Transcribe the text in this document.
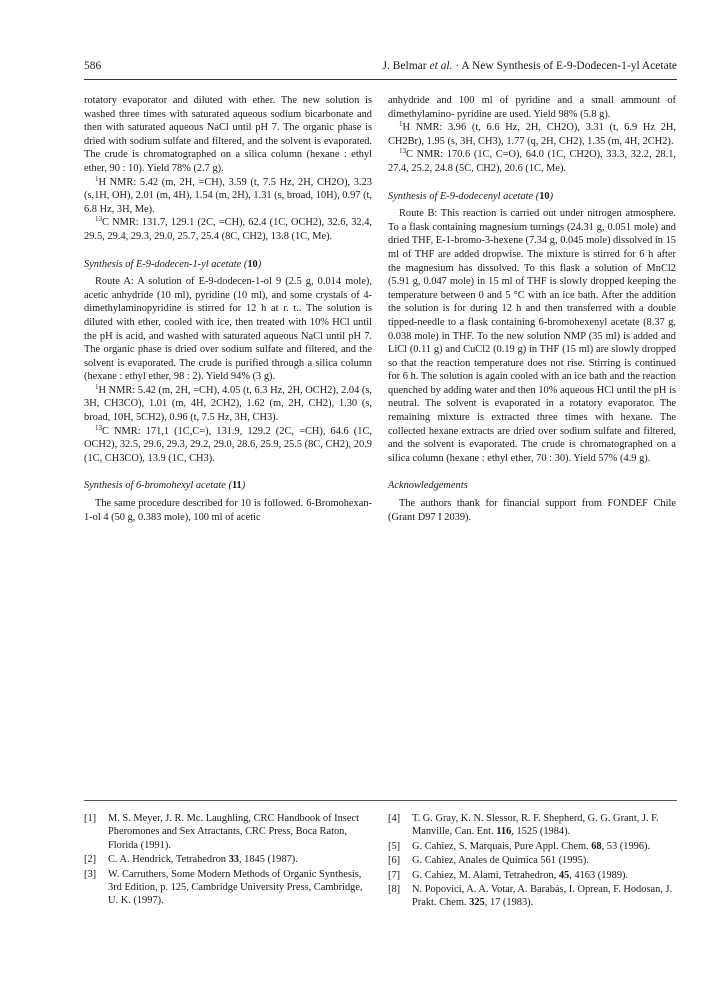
586	J. Belmar et al. · A New Synthesis of E-9-Dodecen-1-yl Acetate

rotatory evaporator and diluted with ether. The new solution is washed three times with saturated aqueous sodium bicarbonate and then with saturated aqueous NaCl until pH 7. The organic phase is dried with sodium sulfate and filtered, and the solvent is evaporated. The crude is chromatographed on a silica column (hexane : ethyl ether, 90 : 10). Yield 78% (2.7 g).

$^1$H NMR: 5.42 (m, 2H, =CH), 3.59 (t, 7.5 Hz, 2H, CH2O), 3.23 (s,1H, OH), 2.01 (m, 4H), 1.54 (m, 2H), 1.31 (s, broad, 10H), 0.97 (t, 6.8 Hz, 3H, Me).

$^{13}$C NMR: 131.7, 129.1 (2C, =CH), 62.4 (1C, OCH2), 32.6, 32.4, 29.5, 29.4, 29.3, 29.0, 25.7, 25.4 (8C, CH2), 13.8 (1C, Me).

Synthesis of E-9-dodecen-1-yl acetate (10)

Route A: A solution of E-9-dodecen-1-ol 9 (2.5 g, 0.014 mole), acetic anhydride (10 ml), pyridine (10 ml), and some crystals of 4-dimethylaminopyridine is stirred for 12 h at r. t.. The solution is diluted with ether, cooled with ice, then treated with 10% HCl until the pH is acid, and washed with saturated aqueous NaCl until pH 7. The organic phase is dried over sodium sulfate and filtered, and the solvent is evaporated. The crude is purified through a silica column (hexane : ethyl ether, 98 : 2). Yield 94% (3 g).

$^1$H NMR: 5.42 (m, 2H, =CH), 4.05 (t, 6.3 Hz, 2H, OCH2), 2.04 (s, 3H, CH3CO), 1.01 (m, 4H, 2CH2), 1.62 (m, 2H, CH2), 1.30 (s, broad, 10H, 5CH2), 0.96 (t, 7.5 Hz, 3H, CH3).

$^{13}$C NMR: 171,1 (1C,C=), 131.9, 129.2 (2C, =CH), 64.6 (1C, OCH2), 32.5, 29.6, 29.3, 29.2, 29.0, 28.6, 25.9, 25.5 (8C, CH2), 20.9 (1C, CH3CO), 13.9 (1C, CH3).

Synthesis of 6-bromohexyl acetate (11)

The same procedure described for 10 is followed. 6-Bromohexan-1-ol 4 (50 g, 0.383 mole), 100 ml of acetic

anhydride and 100 ml of pyridine and a small ammount of dimethylamino- pyridine are used. Yield 98% (5.8 g).

$^1$H NMR: 3.96 (t, 6.6 Hz, 2H, CH2O), 3.31 (t, 6.9 Hz 2H, CH2Br), 1.95 (s, 3H, CH3), 1.77 (q, 2H, CH2), 1.35 (m, 4H, 2CH2).

$^{13}$C NMR: 170.6 (1C, C=O), 64.0 (1C, CH2O), 33.3, 32.2, 28.1, 27.4, 25.2, 24.8 (5C, CH2), 20.6 (1C, Me).

Synthesis of E-9-dodecenyl acetate (10)

Route B: This reaction is carried out under nitrogen atmosphere. To a flask containing magnesium turnings (24.31 g, 0.051 mole) and dried THF, E-1-bromo-3-hexene (7.34 g, 0.045 mole) dissolved in 15 ml of THF are added dropwise. The mixture is stirred for 6 h after the magnesium has dissolved. To this flask a solution of MnCl2 (5.91 g, 0.047 mole) in 15 ml of THF is slowly dropped keeping the temperature between 0 and 5 °C with an ice bath. After the addition the solution is for during 12 h and then transferred with a double tipped-needle to a flask containing 6-bromohexenyl acetate (8.37 g, 0.038 mole) in THF. To the new solution NMP (35 ml) is added and LiCl (0.11 g) and CuCl2 (0.19 g) in THF (15 ml) are slowly dropped so that the reaction temperature does not rise. Stirring is continued for 6 h. The solution is again cooled with an ice bath and the reaction quenched by adding water and then 10% aqueous HCl until the pH is neutral. The solvent is evaporated in a rotatory evaporator. The remaining mixture is extracted three times with hexane. The collected hexane extracts are dried over sodium sulfate and filtered, and the solvent is evaporated. The crude is chromatographed on a silica column (hexane : ethyl ether, 70 : 30). Yield 57% (4.9 g).

Acknowledgements

The authors thank for financial support from FONDEF Chile (Grant D97 I 2039).

[1] M. S. Meyer, J. R. Mc. Laughling, CRC Handbook of Insect Pheromones and Sex Atractants, CRC Press, Boca Raton, Florida (1991).
[2] C. A. Hendrick, Tetrahedron 33, 1845 (1987).
[3] W. Carruthers, Some Modern Methods of Organic Synthesis, 3rd Edition, p. 125, Cambridge University Press, Cambridge, U. K. (1997).
[4] T. G. Gray, K. N. Slessor, R. F. Shepherd, G. G. Grant, J. F. Manville, Can. Ent. 116, 1525 (1984).
[5] G. Cahiez, S. Marquais, Pure Appl. Chem. 68, 53 (1996).
[6] G. Cahiez, Anales de Química 561 (1995).
[7] G. Cahiez, M. Alami, Tetrahedron, 45, 4163 (1989).
[8] N. Popovici, A. A. Votar, A. Barabás, I. Oprean, F. Hodosan, J. Prakt. Chem. 325, 17 (1983).
